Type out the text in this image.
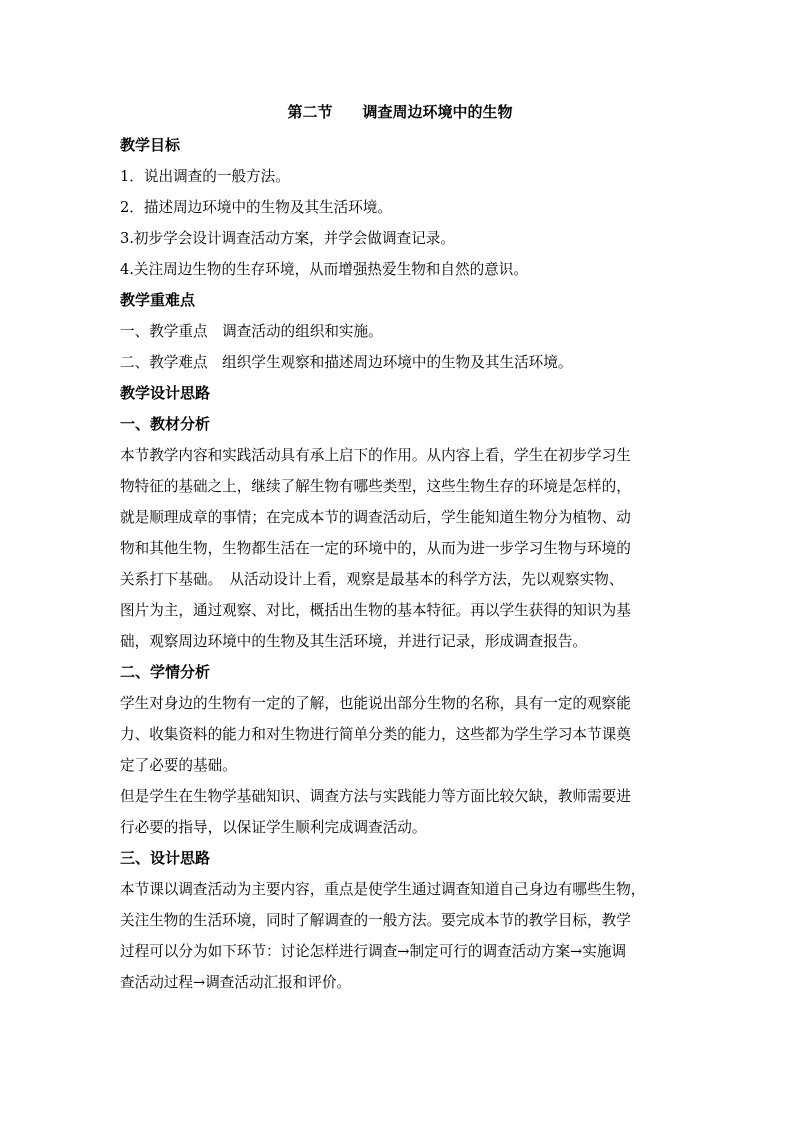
第二节　　调查周边环境中的生物
教学目标
1．说出调查的一般方法。
2．描述周边环境中的生物及其生活环境。
3.初步学会设计调查活动方案，并学会做调查记录。
4.关注周边生物的生存环境，从而增强热爱生物和自然的意识。
教学重难点
一、教学重点　调查活动的组织和实施。
二、教学难点　组织学生观察和描述周边环境中的生物及其生活环境。
教学设计思路
一、教材分析
本节教学内容和实践活动具有承上启下的作用。从内容上看，学生在初步学习生
物特征的基础之上，继续了解生物有哪些类型，这些生物生存的环境是怎样的，
就是顺理成章的事情；在完成本节的调查活动后，学生能知道生物分为植物、动
物和其他生物，生物都生活在一定的环境中的，从而为进一步学习生物与环境的
关系打下基础。　从活动设计上看，观察是最基本的科学方法，先以观察实物、
图片为主，通过观察、对比，概括出生物的基本特征。再以学生获得的知识为基
础，观察周边环境中的生物及其生活环境，并进行记录，形成调查报告。
二、学情分析
学生对身边的生物有一定的了解，也能说出部分生物的名称，具有一定的观察能
力、收集资料的能力和对生物进行简单分类的能力，这些都为学生学习本节课奠
定了必要的基础。
但是学生在生物学基础知识、调查方法与实践能力等方面比较欠缺，教师需要进
行必要的指导，以保证学生顺利完成调查活动。
三、设计思路
本节课以调查活动为主要内容，重点是使学生通过调查知道自己身边有哪些生物，
关注生物的生活环境，同时了解调查的一般方法。要完成本节的教学目标，教学
过程可以分为如下环节：讨论怎样进行调查→制定可行的调查活动方案→实施调
查活动过程→调查活动汇报和评价。
